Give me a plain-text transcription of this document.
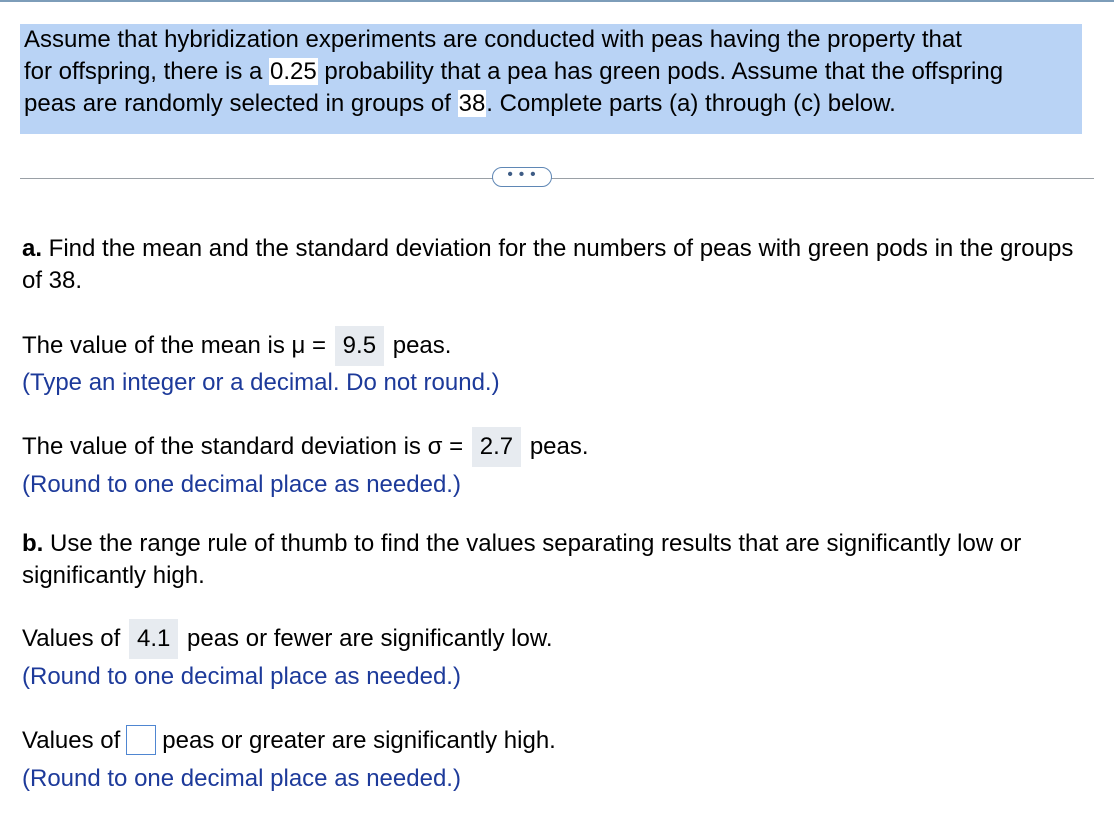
Assume that hybridization experiments are conducted with peas having the property that
for offspring, there is a 0.25 probability that a pea has green pods. Assume that the offspring
peas are randomly selected in groups of 38. Complete parts (a) through (c) below.

• • •

a. Find the mean and the standard deviation for the numbers of peas with green pods in the groups of 38.

The value of the mean is μ = 9.5 peas.

(Type an integer or a decimal. Do not round.)

The value of the standard deviation is σ = 2.7 peas.

(Round to one decimal place as needed.)

b. Use the range rule of thumb to find the values separating results that are significantly low or significantly high.

Values of 4.1 peas or fewer are significantly low.

(Round to one decimal place as needed.)

Values of peas or greater are significantly high.

(Round to one decimal place as needed.)
